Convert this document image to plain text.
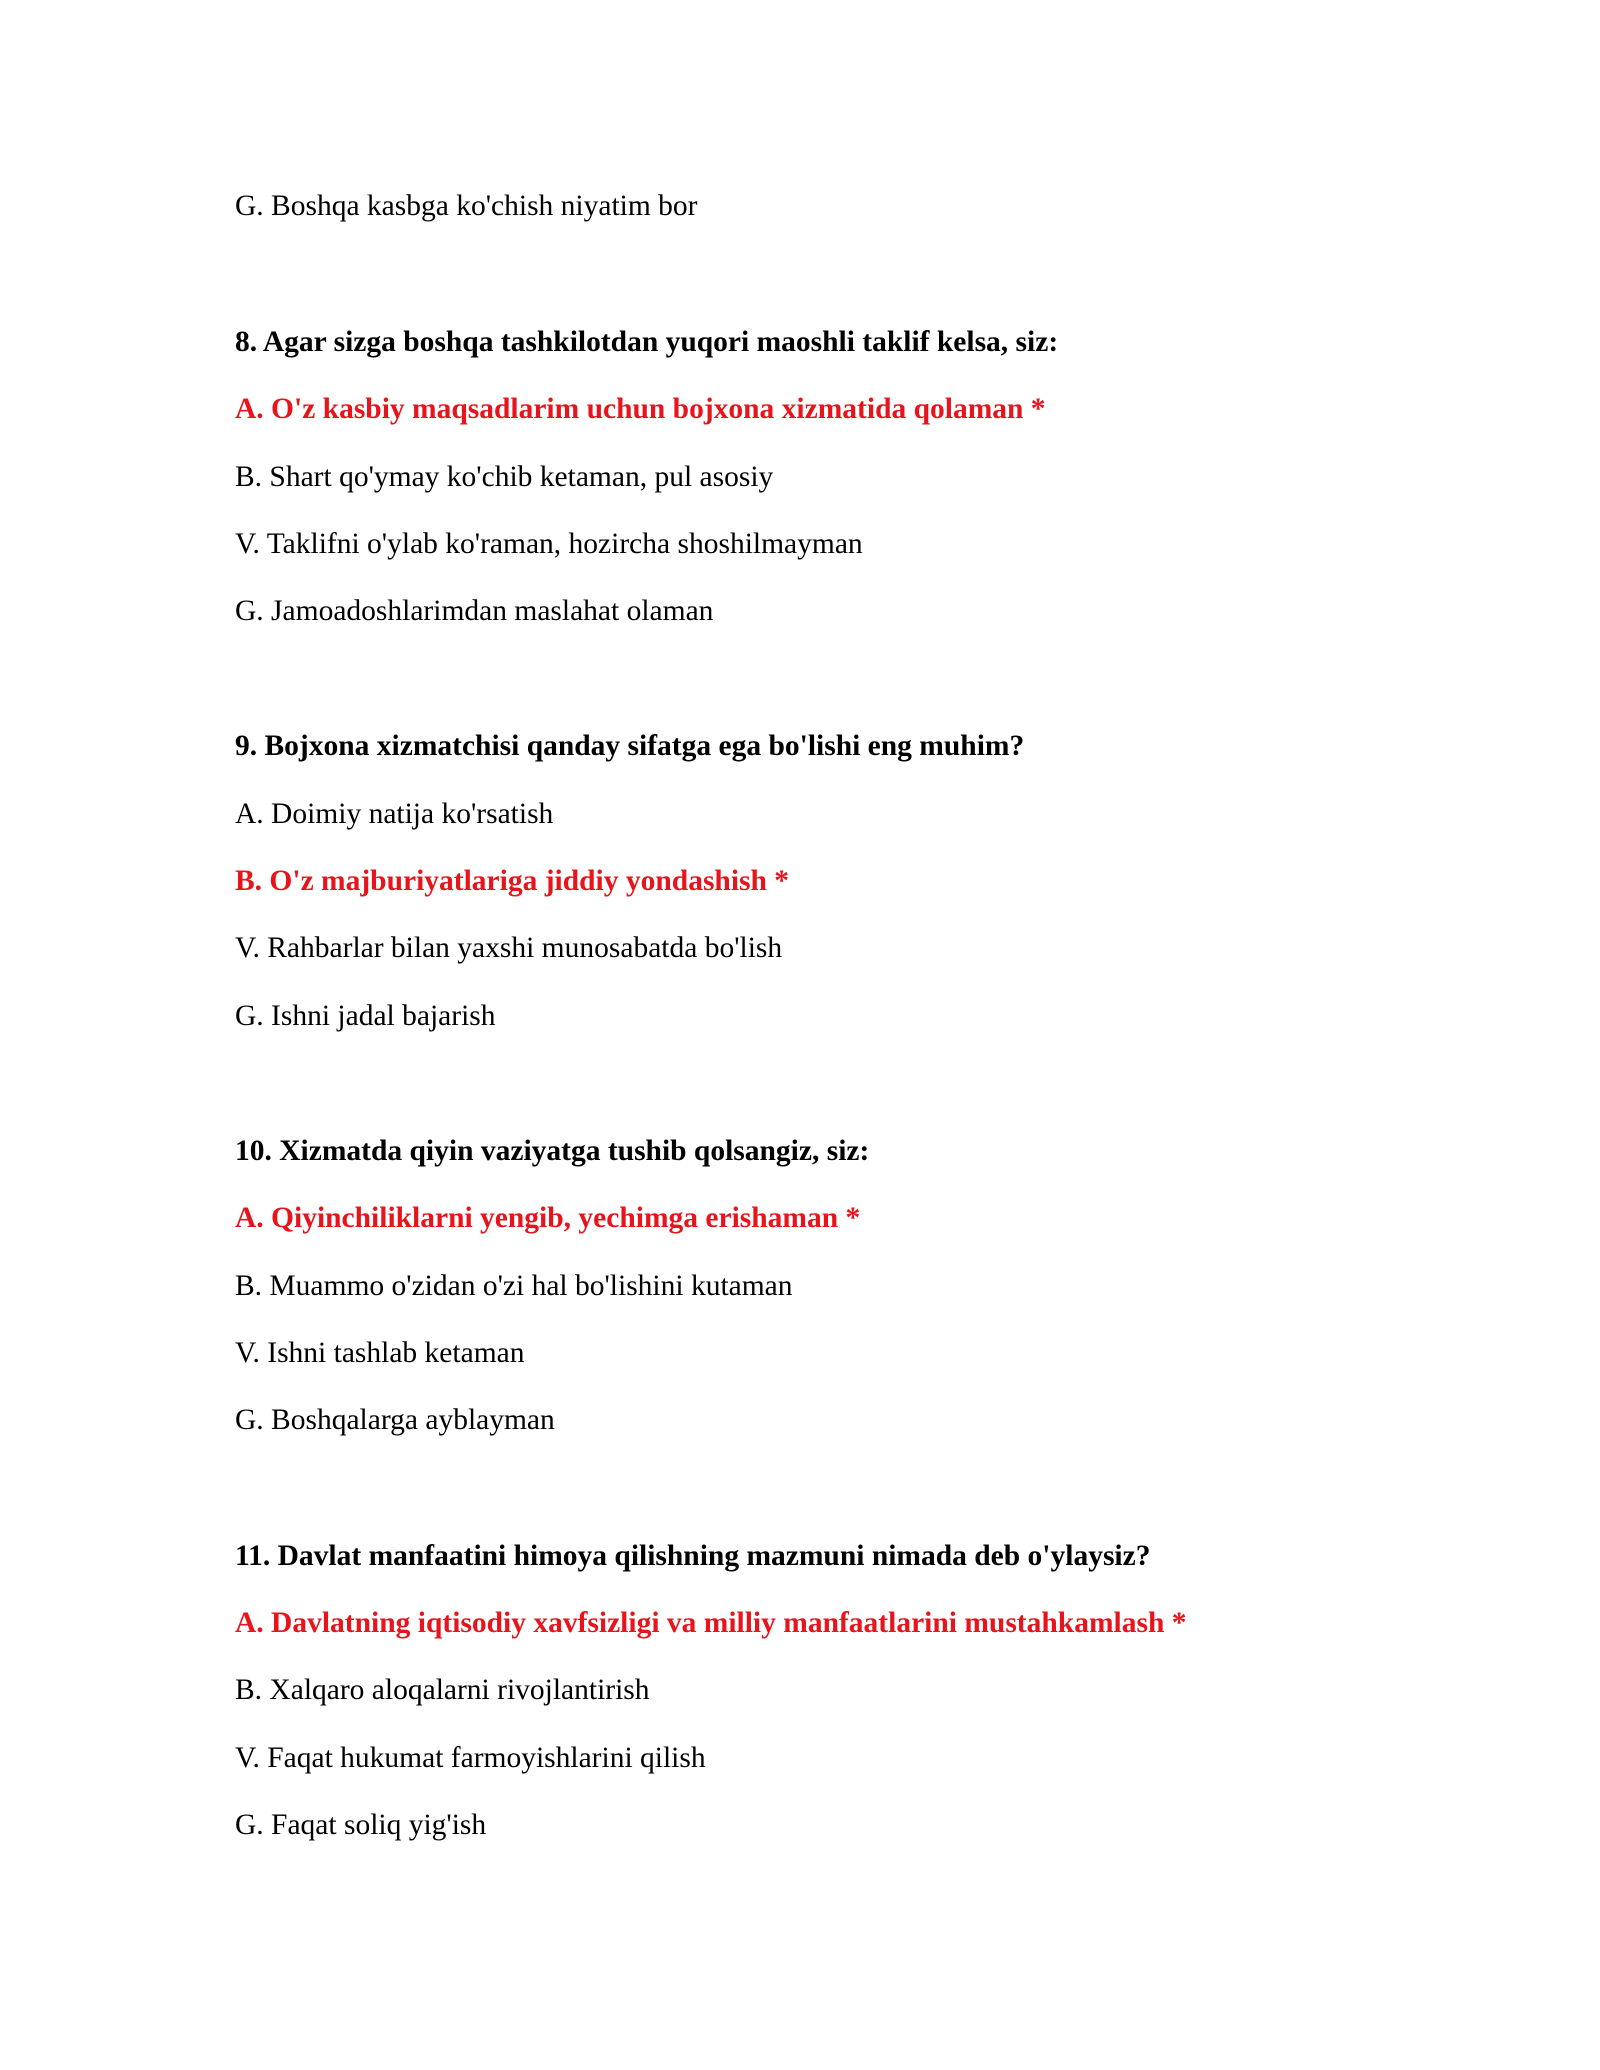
G. Boshqa kasbga ko'chish niyatim bor
8. Agar sizga boshqa tashkilotdan yuqori maoshli taklif kelsa, siz:
A. O'z kasbiy maqsadlarim uchun bojxona xizmatida qolaman *
B. Shart qo'ymay ko'chib ketaman, pul asosiy
V. Taklifni o'ylab ko'raman, hozircha shoshilmayman
G. Jamoadoshlarimdan maslahat olaman
9. Bojxona xizmatchisi qanday sifatga ega bo'lishi eng muhim?
A. Doimiy natija ko'rsatish
B. O'z majburiyatlariga jiddiy yondashish *
V. Rahbarlar bilan yaxshi munosabatda bo'lish
G. Ishni jadal bajarish
10. Xizmatda qiyin vaziyatga tushib qolsangiz, siz:
A. Qiyinchiliklarni yengib, yechimga erishaman *
B. Muammo o'zidan o'zi hal bo'lishini kutaman
V. Ishni tashlab ketaman
G. Boshqalarga ayblayman
11. Davlat manfaatini himoya qilishning mazmuni nimada deb o'ylaysiz?
A. Davlatning iqtisodiy xavfsizligi va milliy manfaatlarini mustahkamlash *
B. Xalqaro aloqalarni rivojlantirish
V. Faqat hukumat farmoyishlarini qilish
G. Faqat soliq yig'ish
